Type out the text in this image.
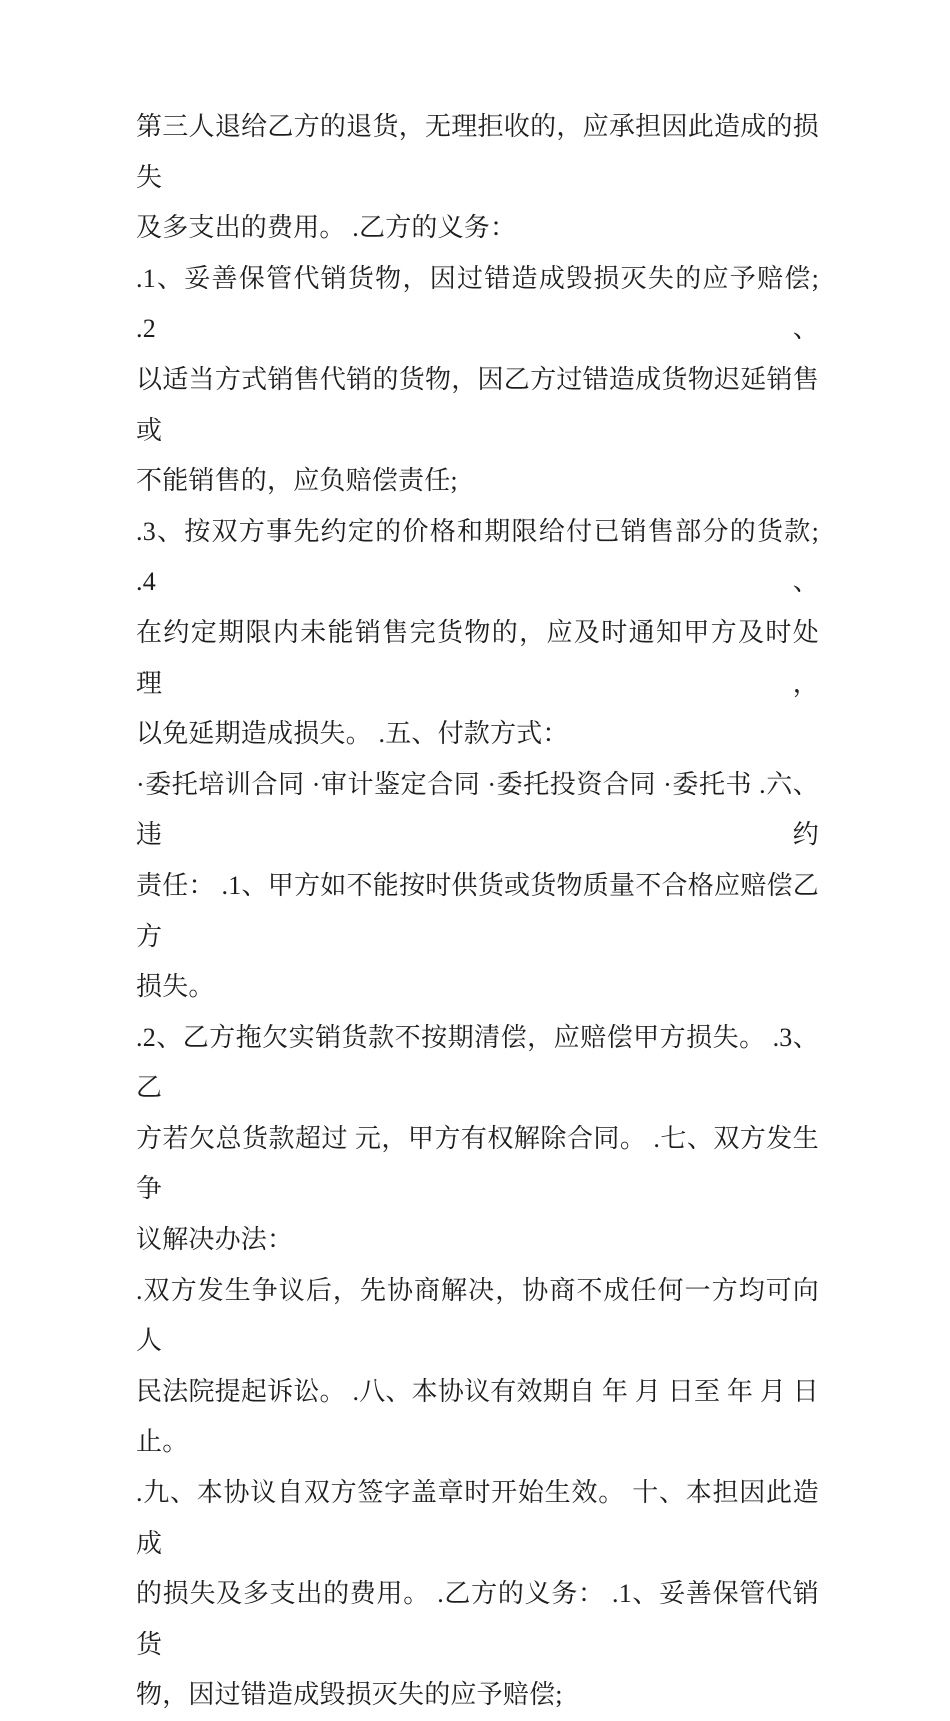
第三人退给乙方的退货，无理拒收的，应承担因此造成的损失
及多支出的费用。 .乙方的义务：
.1、妥善保管代销货物，因过错造成毁损灭失的应予赔偿; .2、
以适当方式销售代销的货物，因乙方过错造成货物迟延销售或
不能销售的，应负赔偿责任;
.3、按双方事先约定的价格和期限给付已销售部分的货款; .4、
在约定期限内未能销售完货物的，应及时通知甲方及时处理，
以免延期造成损失。 .五、付款方式：
·委托培训合同 ·审计鉴定合同 ·委托投资合同 ·委托书 .六、违约
责任： .1、甲方如不能按时供货或货物质量不合格应赔偿乙方
损失。
.2、乙方拖欠实销货款不按期清偿，应赔偿甲方损失。 .3、乙
方若欠总货款超过 元，甲方有权解除合同。 .七、双方发生争
议解决办法：
.双方发生争议后，先协商解决，协商不成任何一方均可向人
民法院提起诉讼。 .八、本协议有效期自 年 月 日至 年 月 日
止。
.九、本协议自双方签字盖章时开始生效。 十、本担因此造成
的损失及多支出的费用。 .乙方的义务： .1、妥善保管代销货
物，因过错造成毁损灭失的应予赔偿;
